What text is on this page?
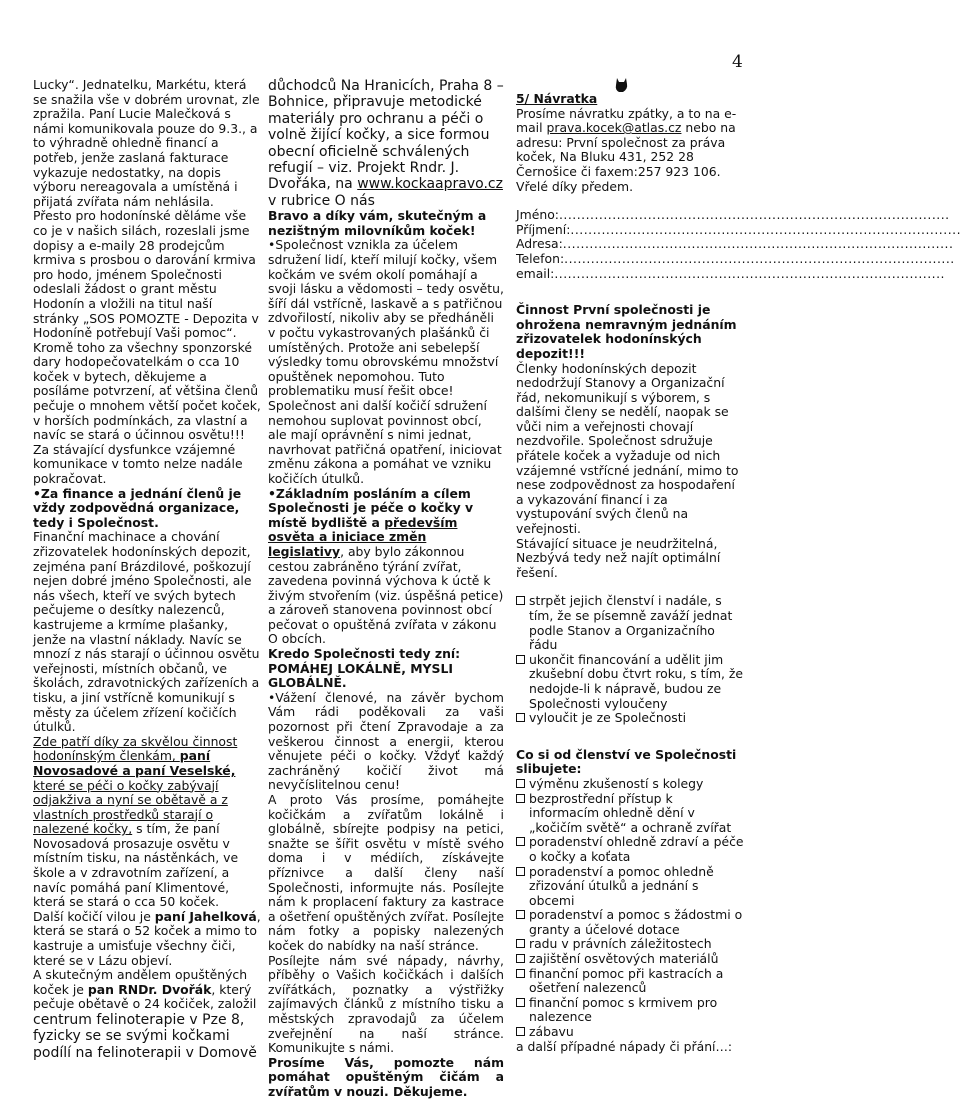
4

Lucky“. Jednatelku, Markétu, která se snažila vše v dobrém urovnat, zle zpražila. Paní Lucie Malečková s námi komunikovala pouze do 9.3., a to výhradně ohledně financí a potřeb, jenže zaslaná fakturace vykazuje nedostatky, na dopis výboru nereagovala a umístěná i přijatá zvířata nám nehlásila.

Přesto pro hodonínské děláme vše co je v našich silách, rozeslali jsme dopisy a e-maily 28 prodejcům krmiva s prosbou o darování krmiva pro hodo, jménem Společnosti odeslali žádost o grant městu Hodonín a vložili na titul naší stránky „SOS POMOZTE - Depozita v Hodoníně potřebují Vaši pomoc“.

Kromě toho za všechny sponzorské dary hodopečovatelkám o cca 10 koček v bytech, děkujeme a posíláme potvrzení, ať většina členů pečuje o mnohem větší počet koček, v horších podmínkách, za vlastní a navíc se stará o účinnou osvětu!!!

Za stávající dysfunkce vzájemné komunikace v tomto nelze nadále pokračovat.

•Za finance a jednání členů je vždy zodpovědná organizace, tedy i Společnost.

Finanční machinace a chování zřizovatelek hodonínských depozit, zejména paní Brázdilové, poškozují nejen dobré jméno Společnosti, ale nás všech, kteří ve svých bytech pečujeme o desítky nalezenců, kastrujeme a krmíme plašanky, jenže na vlastní náklady. Navíc se mnozí z nás starají o účinnou osvětu veřejnosti, místních občanů, ve školách, zdravotnických zařízeních a tisku, a jiní vstřícně komunikují s městy za účelem zřízení kočičích útulků.

Zde patří díky za skvělou činnost hodonínským členkám, paní Novosadové a paní Veselské, které se péči o kočky zabývají odjakživa a nyní se obětavě a z vlastních prostředků starají o nalezené kočky, s tím, že paní Novosadová prosazuje osvětu v místním tisku, na nástěnkách, ve škole a v zdravotním zařízení, a navíc pomáhá paní Klimentové, která se stará o cca 50 koček.

Další kočičí vilou je paní Jahelková, která se stará o 52 koček a mimo to kastruje a umisťuje všechny čiči, které se v Lázu objeví.

A skutečným andělem opuštěných koček je pan RNDr. Dvořák, který pečuje obětavě o 24 kočiček, založil centrum felinoterapie v Pze 8, fyzicky se se svými kočkami podílí na felinoterapii v Domově

důchodců Na Hranicích, Praha 8 – Bohnice, připravuje metodické materiály pro ochranu a péči o volně žijící kočky, a sice formou obecní oficielně schválených refugií – viz. Projekt Rndr. J. Dvořáka, na www.kockaapravo.cz v rubrice O nás

Bravo a díky vám, skutečným a nezištným milovníkům koček!

•Společnost vznikla za účelem sdružení lidí, kteří milují kočky, všem kočkám ve svém okolí pomáhají a svoji lásku a vědomosti – tedy osvětu, šíří dál vstřícně, laskavě a s patřičnou zdvořilostí, nikoliv aby se předháněli v počtu vykastrovaných plašánků či umístěných. Protože ani sebelepší výsledky tomu obrovskému množství opuštěnek nepomohou. Tuto problematiku musí řešit obce!

Společnost ani další kočičí sdružení nemohou suplovat povinnost obcí, ale mají oprávnění s nimi jednat, navrhovat patřičná opatření, iniciovat změnu zákona a pomáhat ve vzniku kočičích útulků.

•Základním posláním a cílem Společnosti je péče o kočky v místě bydliště a především osvěta a iniciace změn legislativy, aby bylo zákonnou cestou zabráněno týrání zvířat, zavedena povinná výchova k úctě k živým stvořením (viz. úspěšná petice) a zároveň stanovena povinnost obcí pečovat o opuštěná zvířata v zákonu O obcích.

Kredo Společnosti tedy zní:

POMÁHEJ LOKÁLNĚ, MYSLI GLOBÁLNĚ.

•Vážení členové, na závěr bychom Vám rádi poděkovali za vaši pozornost při čtení Zpravodaje a za veškerou činnost a energii, kterou věnujete péči o kočky. Vždyť každý zachráněný kočičí život má nevyčíslitelnou cenu!

A proto Vás prosíme, pomáhejte kočičkám a zvířatům lokálně i globálně, sbírejte podpisy na petici, snažte se šířit osvětu v místě svého doma i v médiích, získávejte příznivce a další členy naší Společnosti, informujte nás. Posílejte nám k proplacení faktury za kastrace a ošetření opuštěných zvířat. Posílejte nám fotky a popisky nalezených koček do nabídky na naší stránce.

Posílejte nám své nápady, návrhy, příběhy o Vašich kočičkách i dalších zvířátkách, poznatky a výstřižky zajímavých článků z místního tisku a městských zpravodajů za účelem zveřejnění na naší stránce. Komunikujte s námi.

Prosíme Vás, pomozte nám pomáhat opuštěným čičám a zvířatům v nouzi. Děkujeme.

5/ Návratka

Prosíme návratku zpátky, a to na e-mail prava.kocek@atlas.cz nebo na adresu: První společnost za práva koček, Na Bluku 431, 252 28 Černošice či faxem:257 923 106. Vřelé díky předem.

Jméno: ........................................................................................
Příjmení: ........................................................................................
Adresa: ........................................................................................
Telefon: ........................................................................................
email: ........................................................................................

Činnost První společnosti je ohrožena nemravným jednáním zřizovatelek hodonínských depozit!!!

Členky hodonínských depozit nedodržují Stanovy a Organizační řád, nekomunikují s výborem, s dalšími členy se nedělí, naopak se vůči nim a veřejnosti chovají nezdvořile. Společnost sdružuje přátele koček a vyžaduje od nich vzájemné vstřícné jednání, mimo to nese zodpovědnost za hospodaření a vykazování financí i za vystupování svých členů na veřejnosti.

Stávající situace je neudržitelná, Nezbývá tedy než najít optimální řešení.

strpět jejich členství i nadále, s tím, že se písemně zaváží jednat podle Stanov a Organizačního řádu
ukončit financování a udělit jim zkušební dobu čtvrt roku, s tím, že nedojde-li k nápravě, budou ze Společnosti vyloučeny
vyloučit je ze Společnosti

Co si od členství ve Společnosti slibujete:

výměnu zkušeností s kolegy
bezprostřední přístup k informacím ohledně dění v „kočičím světě“ a ochraně zvířat
poradenství ohledně zdraví a péče o kočky a koťata
poradenství a pomoc ohledně zřizování útulků a jednání s obcemi
poradenství a pomoc s žádostmi o granty a účelové dotace
radu v právních záležitostech
zajištění osvětových materiálů
finanční pomoc při kastracích a ošetření nalezenců
finanční pomoc s krmivem pro nalezence
zábavu

a další případné nápady či přání…:
